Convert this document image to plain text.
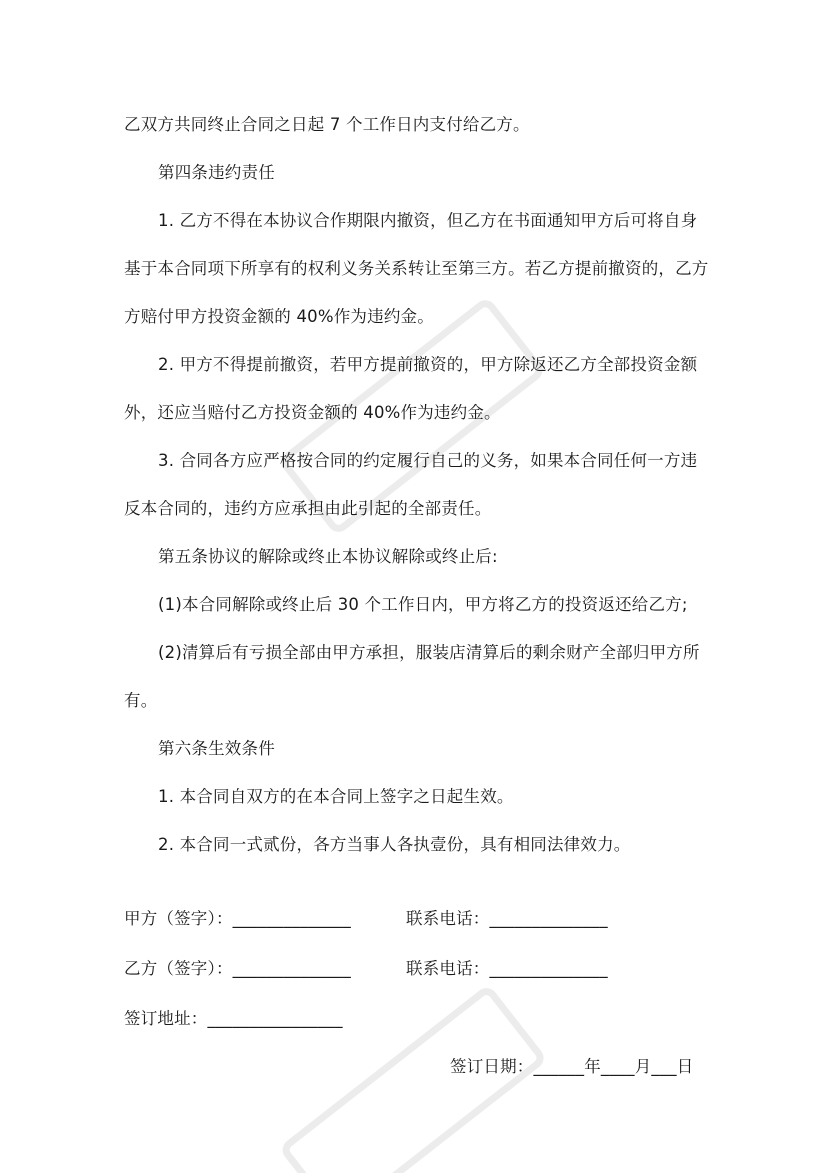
乙双方共同终止合同之日起 7 个工作日内支付给乙方。
第四条违约责任
1. 乙方不得在本协议合作期限内撤资，但乙方在书面通知甲方后可将自身
基于本合同项下所享有的权利义务关系转让至第三方。若乙方提前撤资的，乙方
方赔付甲方投资金额的 40%作为违约金。
2. 甲方不得提前撤资，若甲方提前撤资的，甲方除返还乙方全部投资金额
外，还应当赔付乙方投资金额的 40%作为违约金。
3. 合同各方应严格按合同的约定履行自己的义务，如果本合同任何一方违
反本合同的，违约方应承担由此引起的全部责任。
第五条协议的解除或终止本协议解除或终止后:
(1)本合同解除或终止后 30 个工作日内，甲方将乙方的投资返还给乙方;
(2)清算后有亏损全部由甲方承担，服装店清算后的剩余财产全部归甲方所
有。
第六条生效条件
1. 本合同自双方的在本合同上签字之日起生效。
2. 本合同一式贰份，各方当事人各执壹份，具有相同法律效力。
甲方（签字）：______________	联系电话：______________
乙方（签字）：______________	联系电话：______________
签订地址：________________
签订日期：______年____月___日
